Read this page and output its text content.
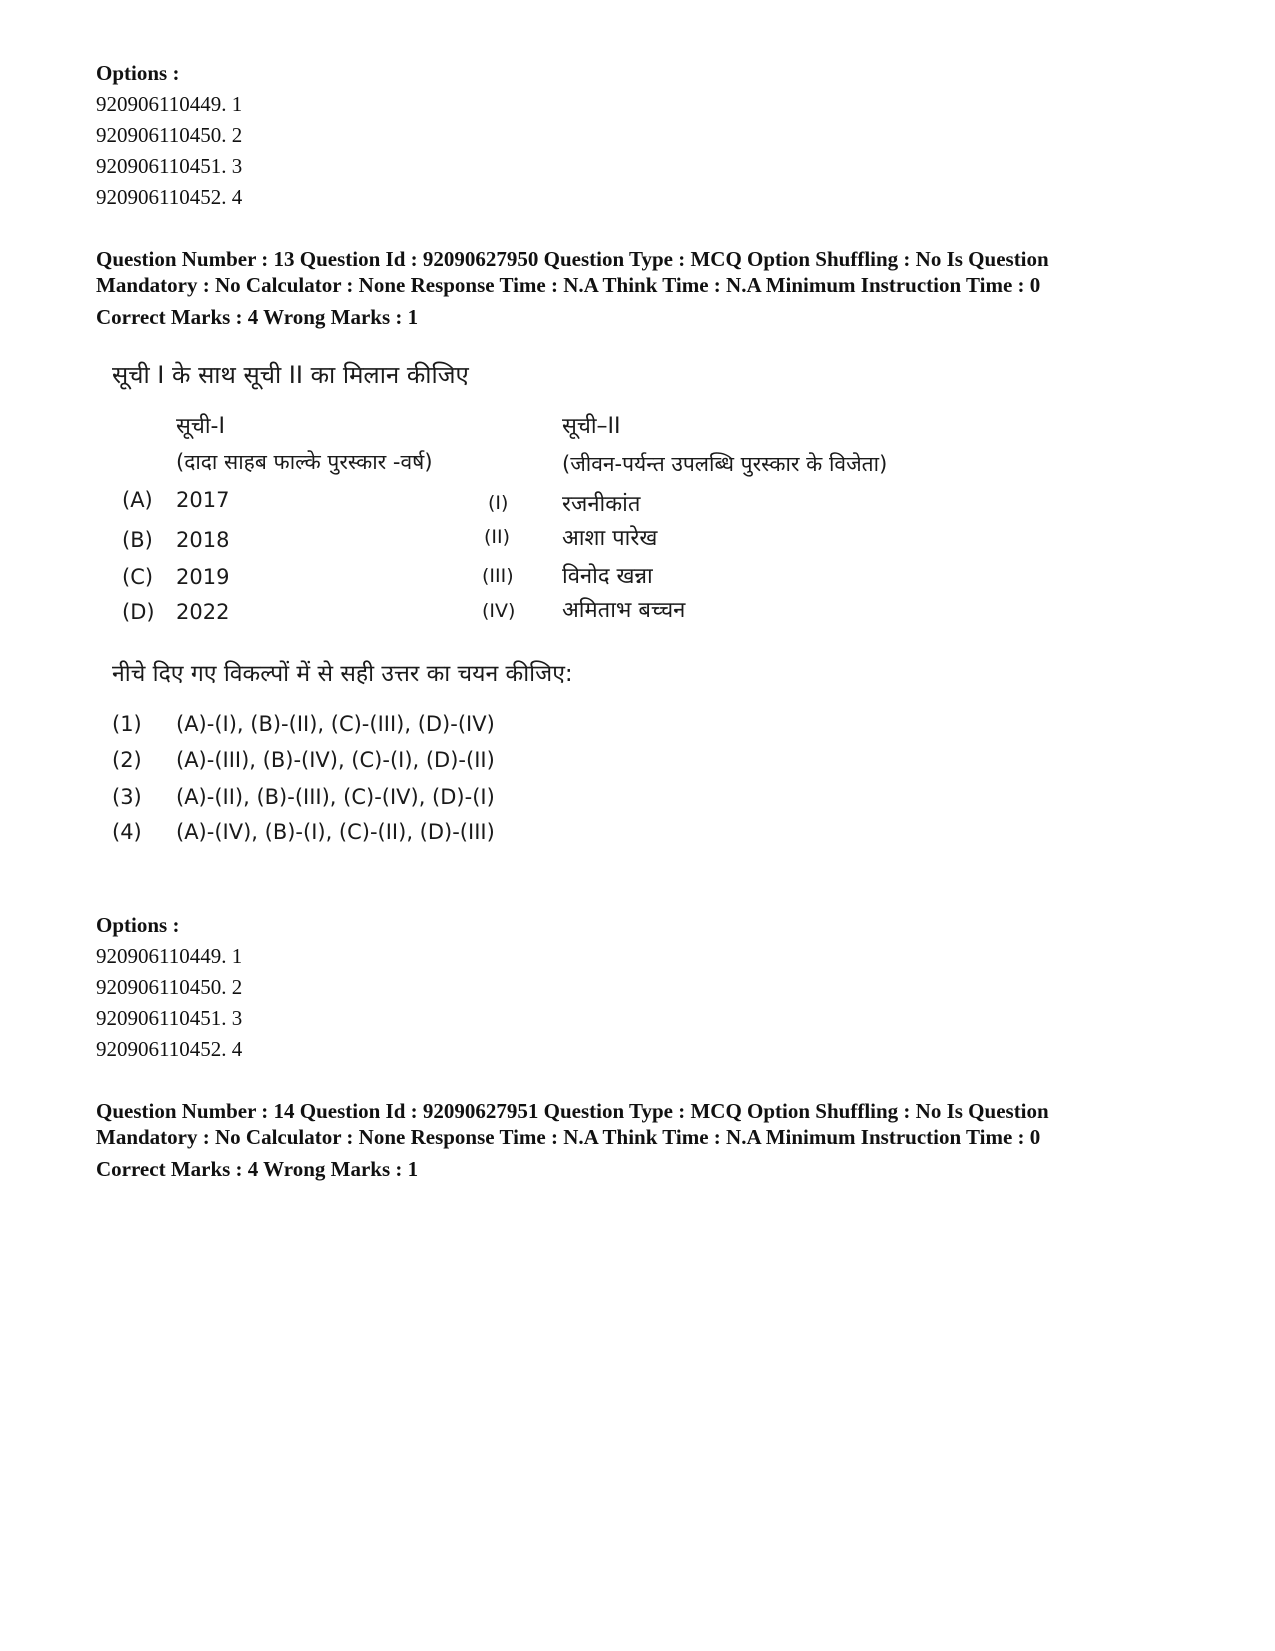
Options :
920906110449. 1
920906110450. 2
920906110451. 3
920906110452. 4

Question Number : 13 Question Id : 92090627950 Question Type : MCQ Option Shuffling : No Is Question
Mandatory : No Calculator : None Response Time : N.A Think Time : N.A Minimum Instruction Time : 0

Correct Marks : 4 Wrong Marks : 1

सूची I के साथ सूची II का मिलान कीजिए
सूची-I
(दादा साहब फाल्के पुरस्कार -वर्ष)
सूची–II
(जीवन-पर्यन्त उपलब्धि पुरस्कार के विजेता)
(A) 2017
(B) 2018
(C) 2019
(D) 2022
(I) रजनीकांत
(II) आशा पारेख
(III) विनोद खन्ना
(IV) अमिताभ बच्चन
नीचे दिए गए विकल्पों में से सही उत्तर का चयन कीजिए:
(1) (A)-(I), (B)-(II), (C)-(III), (D)-(IV)
(2) (A)-(III), (B)-(IV), (C)-(I), (D)-(II)
(3) (A)-(II), (B)-(III), (C)-(IV), (D)-(I)
(4) (A)-(IV), (B)-(I), (C)-(II), (D)-(III)
Options :
920906110449. 1
920906110450. 2
920906110451. 3
920906110452. 4

Question Number : 14 Question Id : 92090627951 Question Type : MCQ Option Shuffling : No Is Question
Mandatory : No Calculator : None Response Time : N.A Think Time : N.A Minimum Instruction Time : 0

Correct Marks : 4 Wrong Marks : 1
